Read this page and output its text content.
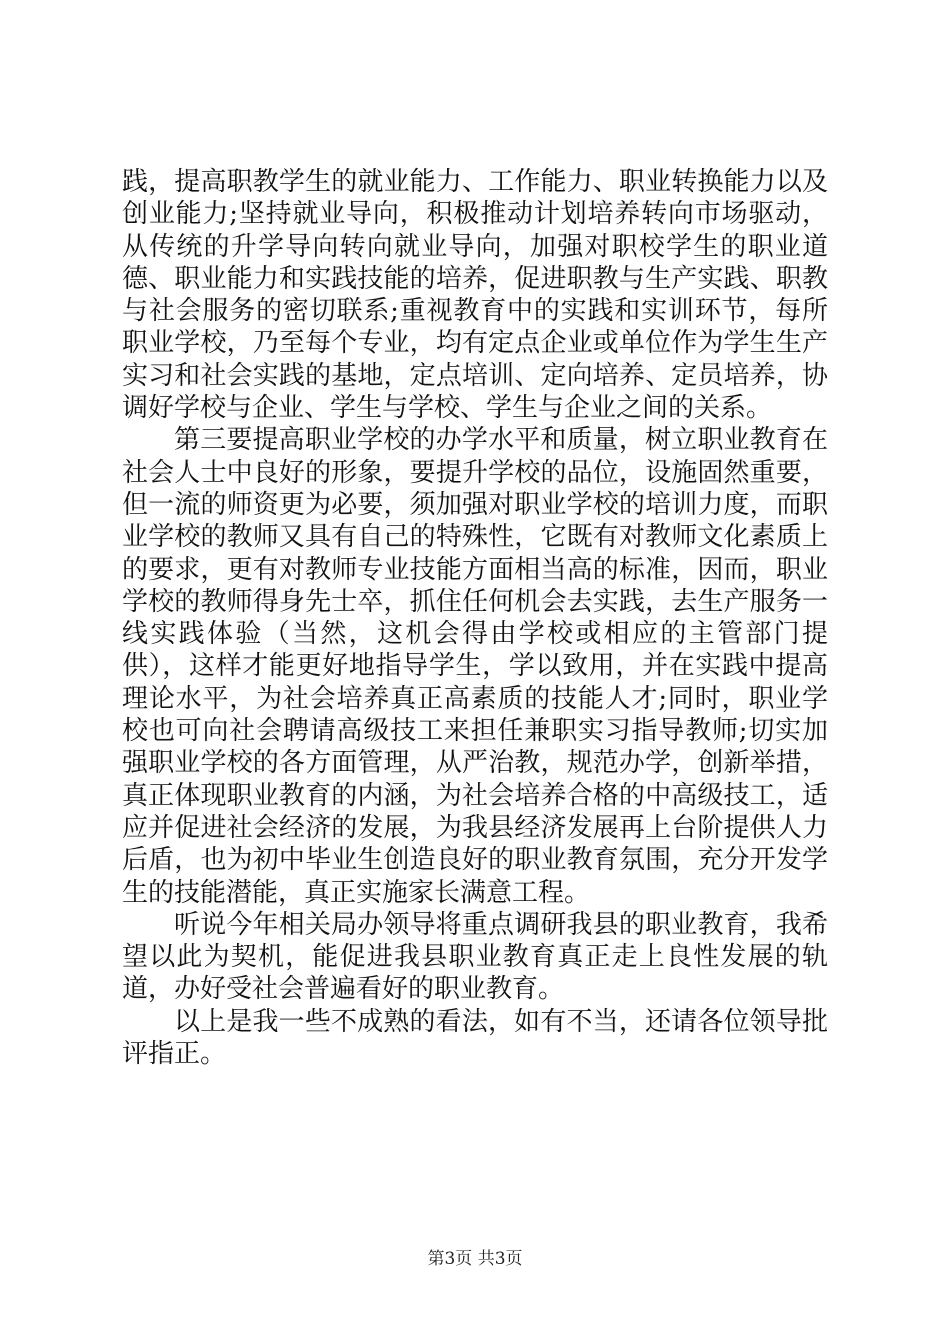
践，提高职教学生的就业能力、工作能力、职业转换能力以及创业能力;坚持就业导向，积极推动计划培养转向市场驱动，从传统的升学导向转向就业导向，加强对职校学生的职业道德、职业能力和实践技能的培养，促进职教与生产实践、职教与社会服务的密切联系;重视教育中的实践和实训环节，每所职业学校，乃至每个专业，均有定点企业或单位作为学生生产实习和社会实践的基地，定点培训、定向培养、定员培养，协调好学校与企业、学生与学校、学生与企业之间的关系。

第三要提高职业学校的办学水平和质量，树立职业教育在社会人士中良好的形象，要提升学校的品位，设施固然重要，但一流的师资更为必要，须加强对职业学校的培训力度，而职业学校的教师又具有自己的特殊性，它既有对教师文化素质上的要求，更有对教师专业技能方面相当高的标准，因而，职业学校的教师得身先士卒，抓住任何机会去实践，去生产服务一线实践体验（当然，这机会得由学校或相应的主管部门提供），这样才能更好地指导学生，学以致用，并在实践中提高理论水平，为社会培养真正高素质的技能人才;同时，职业学校也可向社会聘请高级技工来担任兼职实习指导教师;切实加强职业学校的各方面管理，从严治教，规范办学，创新举措，真正体现职业教育的内涵，为社会培养合格的中高级技工，适应并促进社会经济的发展，为我县经济发展再上台阶提供人力后盾，也为初中毕业生创造良好的职业教育氛围，充分开发学生的技能潜能，真正实施家长满意工程。

听说今年相关局办领导将重点调研我县的职业教育，我希望以此为契机，能促进我县职业教育真正走上良性发展的轨道，办好受社会普遍看好的职业教育。

以上是我一些不成熟的看法，如有不当，还请各位领导批评指正。

第3页 共3页
